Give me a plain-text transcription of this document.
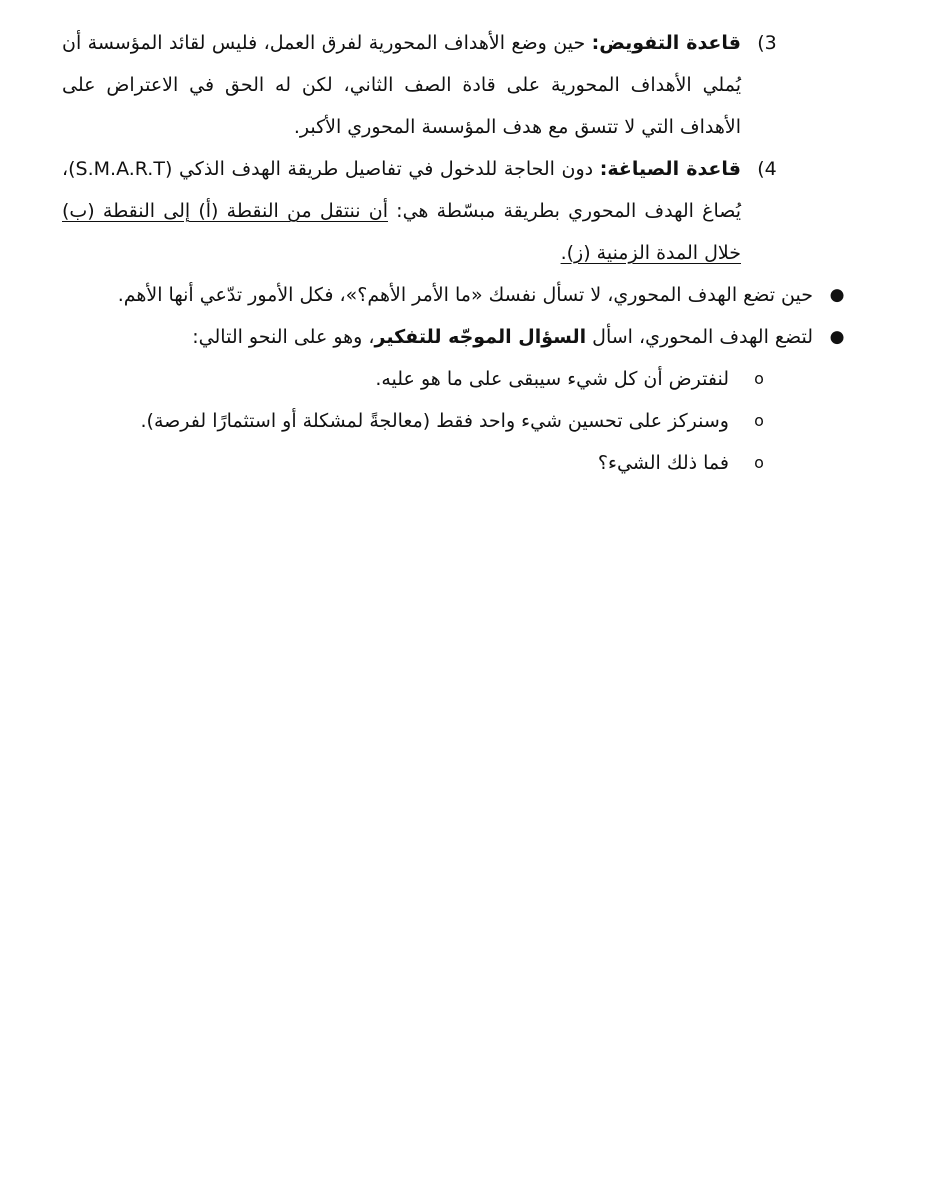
3)
قاعدة التفويض: حين وضع الأهداف المحورية لفرق العمل، فليس لقائد المؤسسة أن يُملي الأهداف المحورية على قادة الصف الثاني، لكن له الحق في الاعتراض على الأهداف التي لا تتسق مع هدف المؤسسة المحوري الأكبر.
4)
قاعدة الصياغة: دون الحاجة للدخول في تفاصيل طريقة الهدف الذكي (S.M.A.R.T)، يُصاغ الهدف المحوري بطريقة مبسّطة هي: أن ننتقل من النقطة (أ) إلى النقطة (ب) خلال المدة الزمنية (ز).
●
حين تضع الهدف المحوري، لا تسأل نفسك «ما الأمر الأهم؟»، فكل الأمور تدّعي أنها الأهم.
●
لتضع الهدف المحوري، اسأل السؤال الموجّه للتفكير، وهو على النحو التالي:
o
لنفترض أن كل شيء سيبقى على ما هو عليه.
o
وسنركز على تحسين شيء واحد فقط (معالجةً لمشكلة أو استثمارًا لفرصة).
o
فما ذلك الشيء؟
